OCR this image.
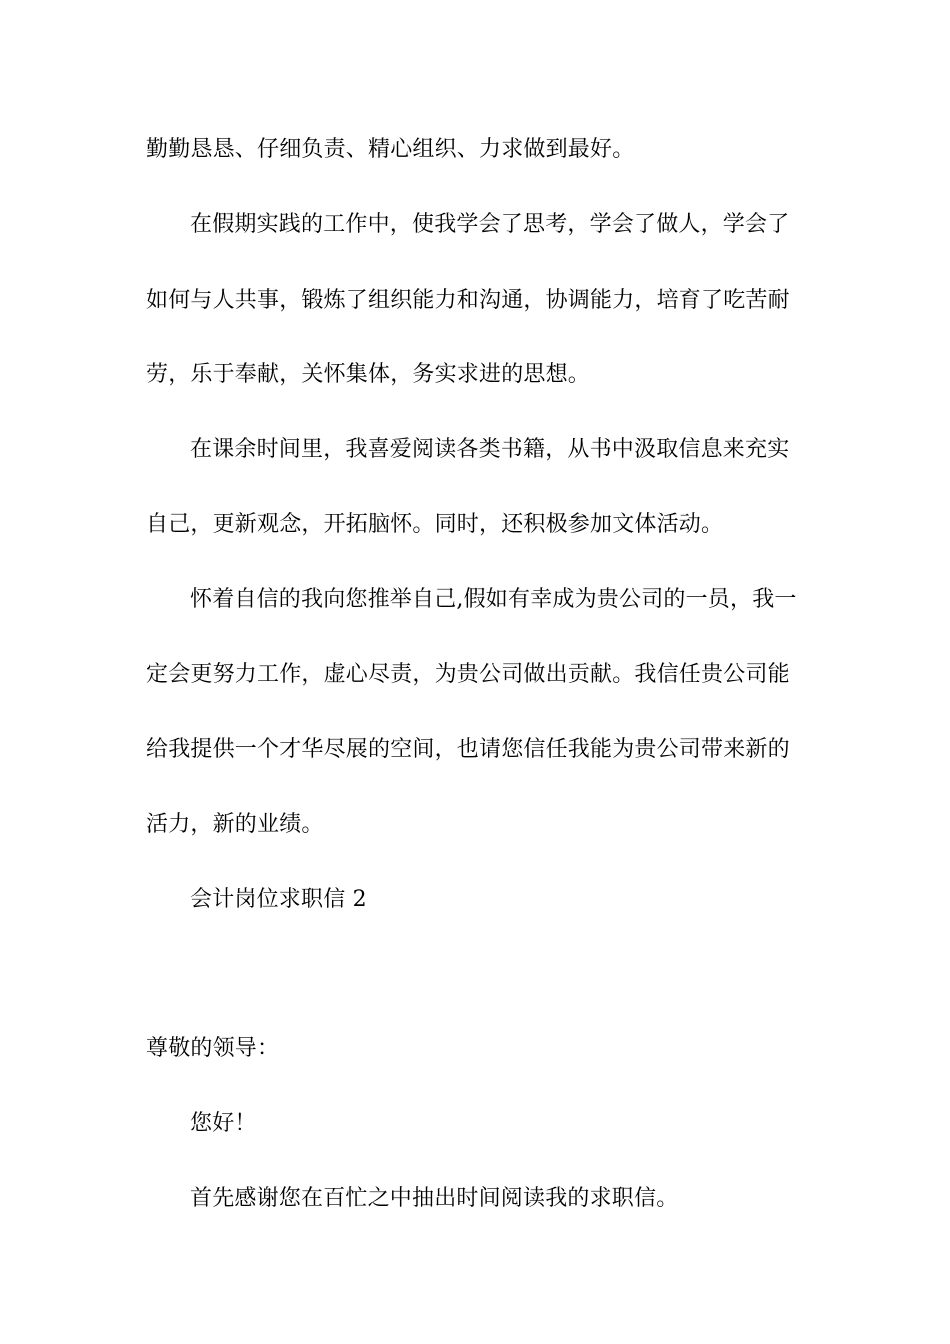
勤勤恳恳、仔细负责、精心组织、力求做到最好。
在假期实践的工作中，使我学会了思考，学会了做人，学会了
如何与人共事，锻炼了组织能力和沟通，协调能力，培育了吃苦耐
劳，乐于奉献，关怀集体，务实求进的思想。
在课余时间里，我喜爱阅读各类书籍，从书中汲取信息来充实
自己，更新观念，开拓脑怀。同时，还积极参加文体活动。
怀着自信的我向您推举自己,假如有幸成为贵公司的一员，我一
定会更努力工作，虚心尽责，为贵公司做出贡献。我信任贵公司能
给我提供一个才华尽展的空间，也请您信任我能为贵公司带来新的
活力，新的业绩。
会计岗位求职信 2
尊敬的领导：
您好！
首先感谢您在百忙之中抽出时间阅读我的求职信。
